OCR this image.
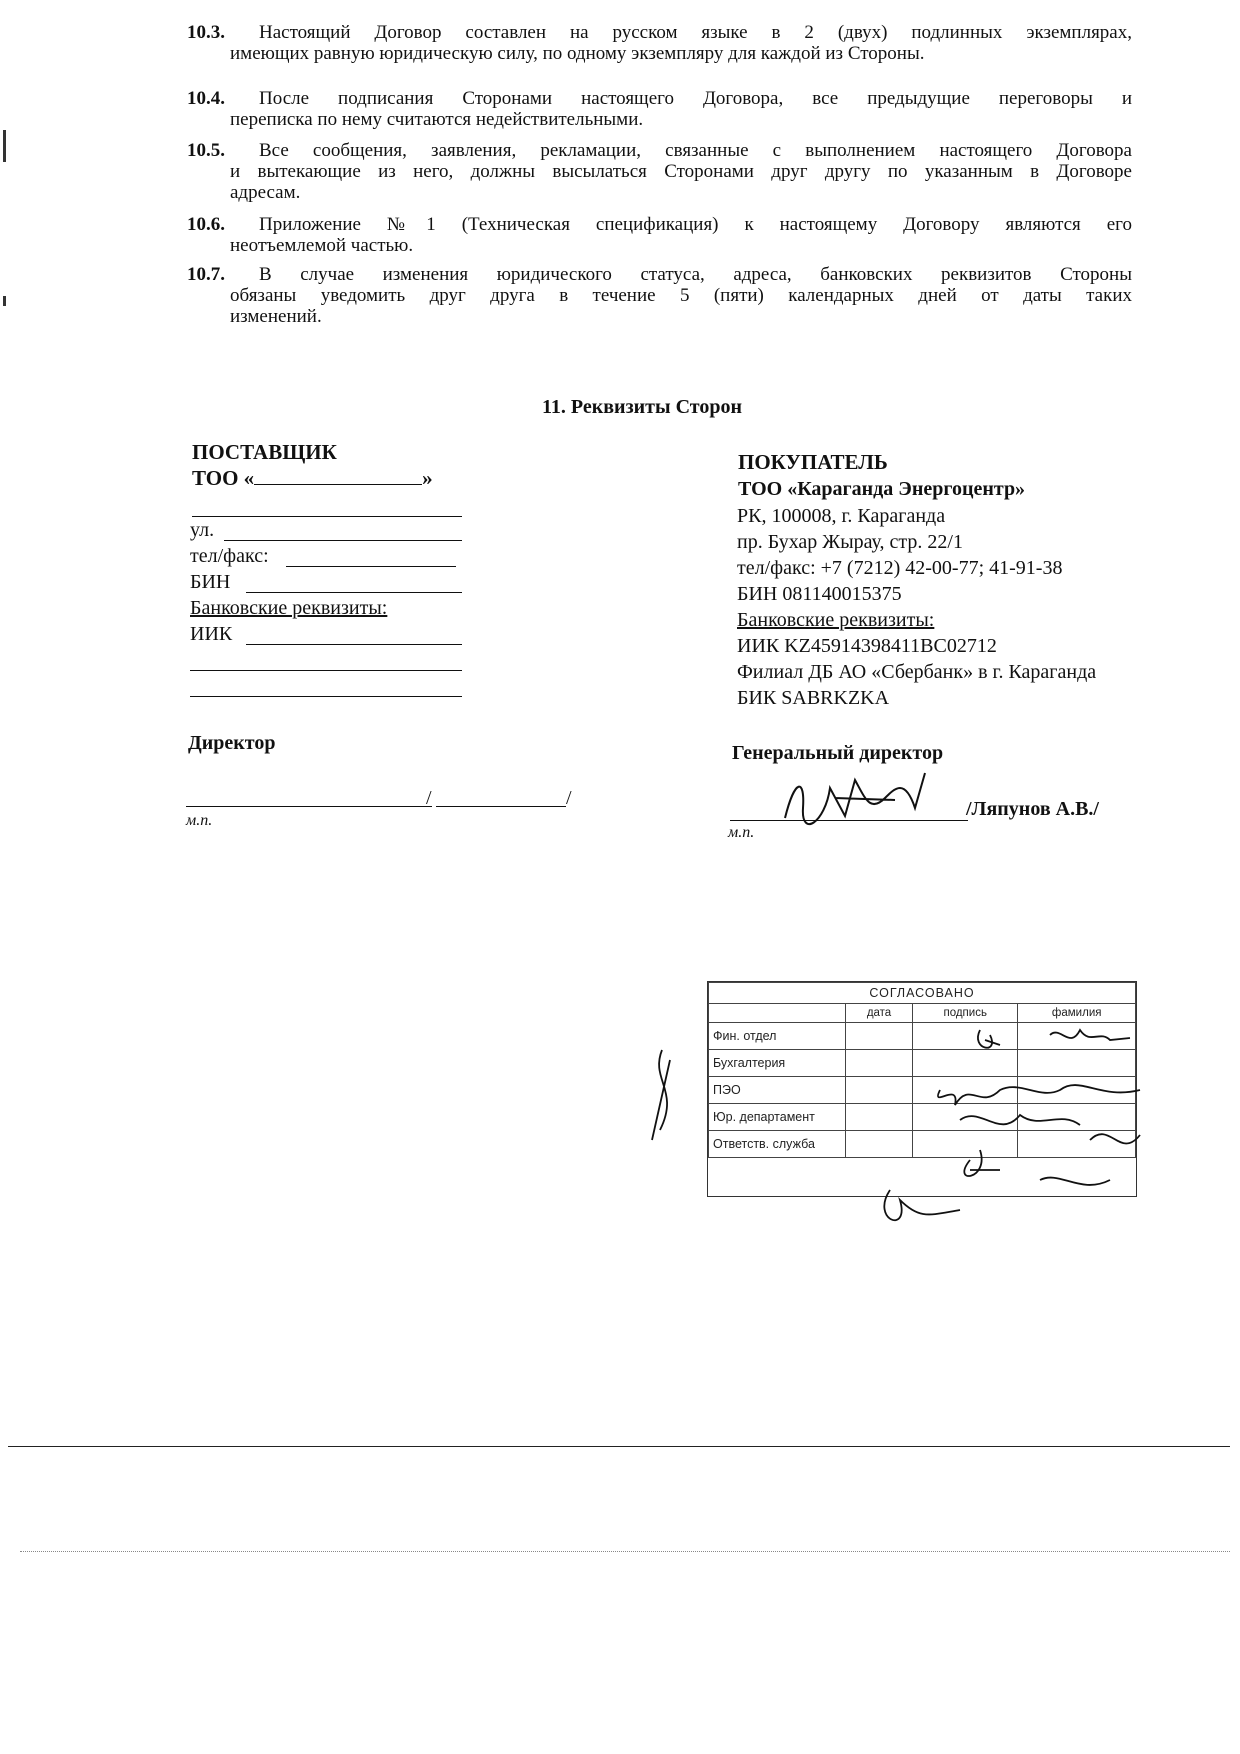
10.3.	Настоящий Договор составлен на русском языке в 2 (двух) подлинных экземплярах,
имеющих равную юридическую силу, по одному экземпляру для каждой из Стороны.
10.4.	После подписания Сторонами настоящего Договора, все предыдущие переговоры и
переписка по нему считаются недействительными.
10.5.	Все сообщения, заявления, рекламации, связанные с выполнением настоящего Договора
и вытекающие из него, должны высылаться Сторонами друг другу по указанным в Договоре
адресам.
10.6.	Приложение №1 (Техническая спецификация) к настоящему Договору являются его
неотъемлемой частью.
10.7.	В случае изменения юридического статуса, адреса, банковских реквизитов Стороны
обязаны уведомить друг друга в течение 5 (пяти) календарных дней от даты таких
изменений.
11. Реквизиты Сторон
ПОСТАВЩИК
ТОО «	»
ул.
тел/факс:
БИН
Банковские реквизиты:
ИИК
Директор
/	/
м.п.
ПОКУПАТЕЛЬ
ТОО «Караганда Энергоцентр»
РК, 100008, г. Караганда
пр. Бухар Жырау, стр. 22/1
тел/факс: +7 (7212) 42-00-77; 41-91-38
БИН 081140015375
Банковские реквизиты:
ИИК KZ45914398411BC02712
Филиал ДБ АО «Сбербанк» в г. Караганда
БИК SABRKZKA
Генеральный директор
/Ляпунов А.В./
м.п.
СОГЛАСОВАНО			
	дата	подпись	фамилия
Фин. отдел			
Бухгалтерия			
ПЭО			
Юр. департамент			
Ответств. служба			
